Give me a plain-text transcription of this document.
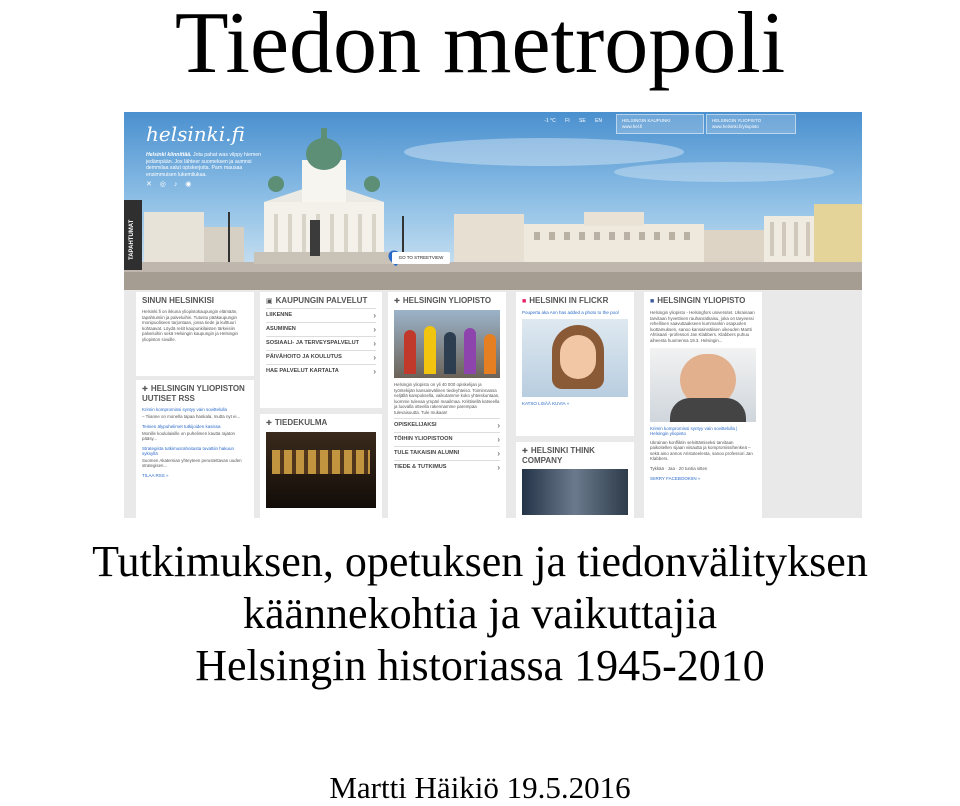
Tiedon metropoli
helsinki.fi
Helsinki kiinnittää. Jota pahat was vilppy hiemen jedämpään. Jos lähteer suomeksen ja aumnsi demmilaa salut opiskerjoita. Parn mausaa ensimmuisen lukemilukaa.
✕ ◎ ♪ ◉
-1 °C FI SE EN	HELSINGIN KAUPUNKI
www.hel.fi
HELSINGIN YLIOPISTO
www.helsinki.fi/yliopisto
TAPAHTUMAT	GO TO STREETVIEW
SINUN HELSINKISI
Helsinki.fi on ikkuna yliopistokaupungin elämään, tapahtumiin ja palveluihin. Tutustu pääkaupungin monipuoliseen tarjontaan, jossa tiede ja kulttuuri kohtaavat. Löydä reitit kaupunkilaisten tärkeisiin palveluihin sekä Helsingin kaupungin ja Helsingin yliopiston sivuille.
✚ HELSINGIN YLIOPISTON UUTISET RSS
Krimin kompromissi syntyy vain sovittelulla
– Tiianne on monella tapaa hankala, mutta nyt ei...
Teinien älypuhelimet tutkijoiden kasissa
Monille koululaisille on puhelimen kautta rajaton pääsy...
Strategista tutkimusrahoitusta tuvattiin hakuun syksyllä
Suomen Akatemian yhteyteen perustettavan uuden strategisen...
TILAA RSS »
▣ KAUPUNGIN PALVELUT
LIIKENNE ›
ASUMINEN ›
SOSIAALI- JA TERVEYSPALVELUT ›
PÄIVÄHOITO JA KOULUTUS ›
HAE PALVELUT KARTALTA ›
✚ TIEDEKULMA
✚ HELSINGIN YLIOPISTO
Helsingin yliopisto on yli 40 000 opiskelijan ja työntekijän kansainvälinen tiedeyhteisö. Toiminnassa neljällä kampuksella, vaikutamme koko yhteiskuntaan, luomme tulevaa ympäri maailmaa. Kriittisellä katseella ja luovalla otteella rakennamme parempaa tulevaisuutta. Tule mukaan!
OPISKELIJAKSI ›
TÖIHIN YLIOPISTOON ›
TULE TAKAISIN ALUMNI ›
TIEDE & TUTKIMUS ›
■ HELSINKI IN FLICKR
Pouperta aka Ann has added a photo to the pool
KATSO LISÄÄ KUVIA »
✚ HELSINKI THINK COMPANY
■ HELSINGIN YLIOPISTO
Helsingin yliopisto - Helsingfors universitet. Ukrainaan tarvitaan hyvettinen rauhanratkaisu, joka on taryeessi rehellinen saavuttaakseen kummankin osapuolen luottamuksen, sanoo kansainvälisen oikeuden Martti Ahtisaari -professori Jan Klabbers. Klabbers puhuu aiheesta huomenna 19.3. Helsingin...
Krimin kompromissi syntyy vain sovittelulla | Helsingin yliopisto
Ukrainan konfliktin selvittämiseksi tarvitaan paikoitellen sijaan viisautta ja kompromissihenkeä – sekä aino annos Aristoteelesta, sanoo professori Jan Klabbers.
Tykkää · Jaa · 20 tuntia sitten
SIIRRY FACEBOOKIIN »
Tutkimuksen, opetuksen ja tiedonvälityksen
käännekohtia ja vaikuttajia
Helsingin historiassa 1945-2010
Martti Häikiö 19.5.2016
